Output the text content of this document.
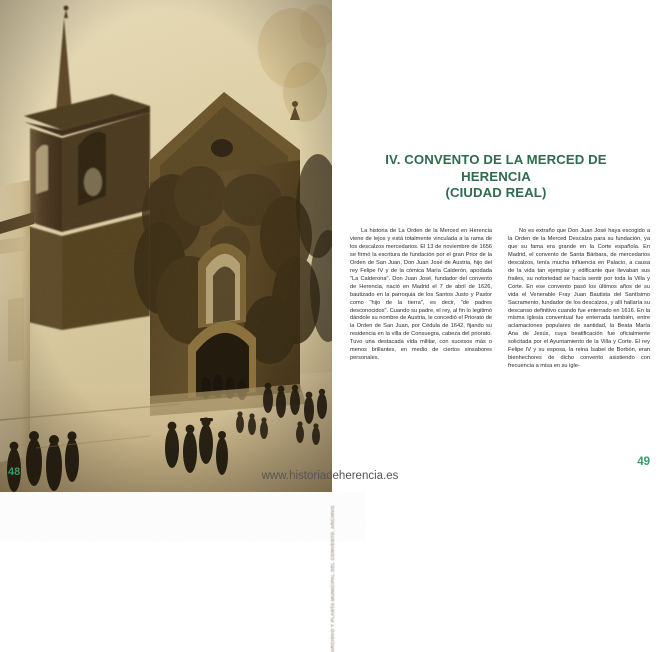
ARCHIVO Y PLANTA MUNICIPAL DEL CONVENTO. ARCHIVO
48
IV. CONVENTO DE LA MERCED DE
HERENCIA
(CIUDAD REAL)

La historia de La Orden de la Merced en Herencia viene de lejos y está totalmente vinculada a la rama de los descalzos mercedarios. El 13 de noviembre de 1656 se firmó la escritura de fundación por el gran Prior de la Orden de San Juan, Don Juan José de Austria, hijo del rey Felipe IV y de la cómica María Calderón, apodada "La Calderona". Don Juan José, fundador del convento de Herencia, nació en Madrid el 7 de abril de 1626, bautizado en la parroquia de los Santos Justo y Pastor como "hijo de la tierra", es decir, "de padres desconocidos". Cuando su padre, el rey, al fin lo legitimó dándole su nombre de Austria, le concedió el Priorato de la Orden de San Juan, por Cédula de 1642, fijando su residencia en la villa de Consuegra, cabeza del priorato. Tuvo una destacada vida militar, con sucesos más o menos brillantes, en medio de ciertos sinsabores personales.

No es extraño que Don Juan José haya escogido a la Orden de la Merced Descalza para su fundación, ya que su fama era grande en la Corte española. En Madrid, el convento de Santa Bárbara, de mercedarios descalzos, tenía mucha influencia en Palacio, a causa de la vida tan ejemplar y edificante que llevaban sus frailes, su notoriedad se hacía sentir por toda la Villa y Corte. En ese convento pasó los últimos años de su vida el Venerable Fray Juan Bautista del Santísimo Sacramento, fundador de los descalzos, y allí hallaría su descanso definitivo cuando fue enterrado en 1616. En la misma iglesia conventual fue enterrada también, entre aclamaciones populares de santidad, la Beata María Ana de Jesús, cuya beatificación fue oficialmente solicitada por el Ayuntamiento de la Villa y Corte. El rey Felipe IV y su esposa, la reina Isabel de Borbón, eran bienhechores de dicho convento asistiendo con frecuencia a misa en su igle-

49
www.historiadeherencia.es
